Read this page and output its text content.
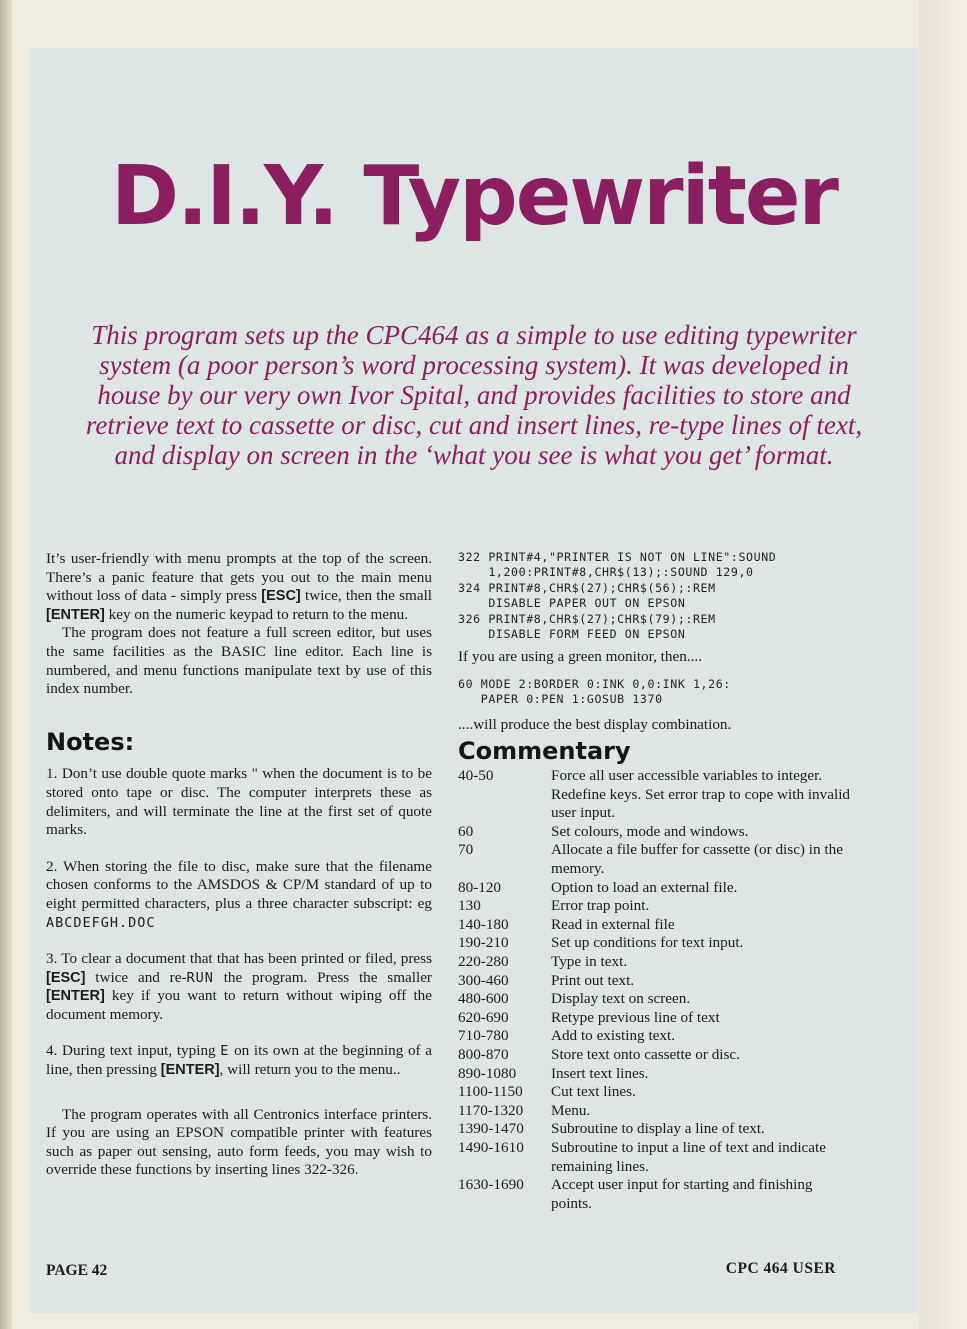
D.I.Y. Typewriter

This program sets up the CPC464 as a simple to use editing typewriter system (a poor person’s word processing system). It was developed in house by our very own Ivor Spital, and provides facilities to store and retrieve text to cassette or disc, cut and insert lines, re-type lines of text, and display on screen in the ‘what you see is what you get’ format.

It’s user-friendly with menu prompts at the top of the screen. There’s a panic feature that gets you out to the main menu without loss of data - simply press [ESC] twice, then the small [ENTER] key on the numeric keypad to return to the menu.

The program does not feature a full screen editor, but uses the same facilities as the BASIC line editor. Each line is numbered, and menu functions manipulate text by use of this index number.

Notes:

1. Don’t use double quote marks " when the document is to be stored onto tape or disc. The computer interprets these as delimiters, and will terminate the line at the first set of quote marks.

2. When storing the file to disc, make sure that the filename chosen conforms to the AMSDOS & CP/M standard of up to eight permitted characters, plus a three character subscript: eg ABCDEFGH.DOC

3. To clear a document that that has been printed or filed, press [ESC] twice and re-RUN the program. Press the smaller [ENTER] key if you want to return without wiping off the document memory.

4. During text input, typing E on its own at the beginning of a line, then pressing [ENTER], will return you to the menu..

The program operates with all Centronics interface printers. If you are using an EPSON compatible printer with features such as paper out sensing, auto form feeds, you may wish to override these functions by inserting lines 322-326.

322 PRINT#4,"PRINTER IS NOT ON LINE":SOUND
1,200:PRINT#8,CHR$(13);:SOUND 129,0
324 PRINT#8,CHR$(27);CHR$(56);:REM
DISABLE PAPER OUT ON EPSON
326 PRINT#8,CHR$(27);CHR$(79);:REM
DISABLE FORM FEED ON EPSON

If you are using a green monitor, then....

60 MODE 2:BORDER 0:INK 0,0:INK 1,26:
PAPER 0:PEN 1:GOSUB 1370

....will produce the best display combination.

Commentary
40-50	Force all user accessible variables to integer. Redefine keys. Set error trap to cope with invalid user input.
60	Set colours, mode and windows.
70	Allocate a file buffer for cassette (or disc) in the memory.
80-120	Option to load an external file.
130	Error trap point.
140-180	Read in external file
190-210	Set up conditions for text input.
220-280	Type in text.
300-460	Print out text.
480-600	Display text on screen.
620-690	Retype previous line of text
710-780	Add to existing text.
800-870	Store text onto cassette or disc.
890-1080	Insert text lines.
1100-1150	Cut text lines.
1170-1320	Menu.
1390-1470	Subroutine to display a line of text.
1490-1610	Subroutine to input a line of text and indicate remaining lines.
1630-1690	Accept user input for starting and finishing points.
PAGE 42	CPC 464 USER
